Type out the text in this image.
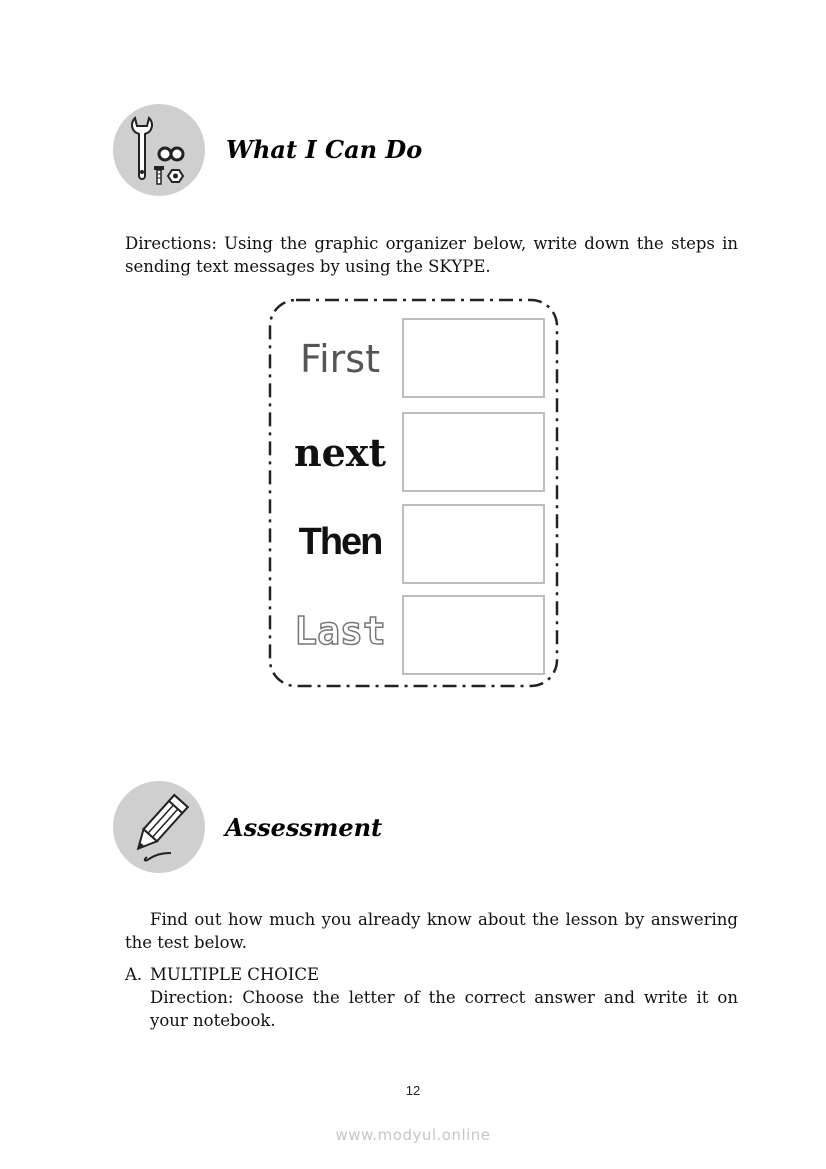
What I Can Do
Directions: Using the graphic organizer below, write down the steps in sending text messages by using the SKYPE.
First
next
Then
Last
Assessment
Find out how much you already know about the lesson by answering the test below.
A. MULTIPLE CHOICE
Direction: Choose the letter of the correct answer and write it on your notebook.
12
www.modyul.online
